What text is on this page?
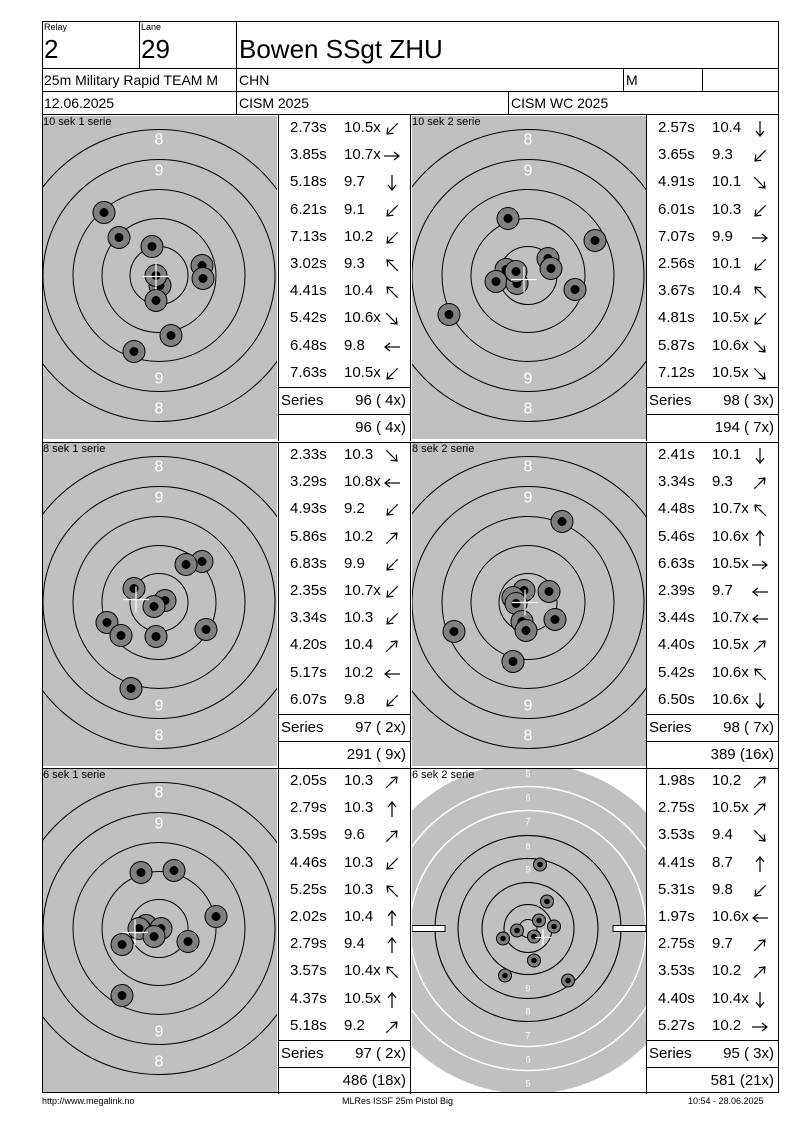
Relay
2
Lane
29	Bowen SSgt ZHU
25m Military Rapid TEAM M	CHN	M
12.06.2025	CISM 2025	CISM WC 2025
8
9
9
8
10 sek 1 serie	2.73s 10.5x
3.85s 10.7x
5.18s 9.7
6.21s 9.1
7.13s 10.2
3.02s 9.3
4.41s 10.4
5.42s 10.6x
6.48s 9.8
7.63s 10.5x
Series 96 ( 4x)
96 ( 4x)
8
9
9
8
10 sek 2 serie	2.57s 10.4
3.65s 9.3
4.91s 10.1
6.01s 10.3
7.07s 9.9
2.56s 10.1
3.67s 10.4
4.81s 10.5x
5.87s 10.6x
7.12s 10.5x
Series 98 ( 3x)
194 ( 7x)
8
9
9
8
8 sek 1 serie	2.33s 10.3
3.29s 10.8x
4.93s 9.2
5.86s 10.2
6.83s 9.9
2.35s 10.7x
3.34s 10.3
4.20s 10.4
5.17s 10.2
6.07s 9.8
Series 97 ( 2x)
291 ( 9x)
8
9
9
8
8 sek 2 serie	2.41s 10.1
3.34s 9.3
4.48s 10.7x
5.46s 10.6x
6.63s 10.5x
2.39s 9.7
3.44s 10.7x
4.40s 10.5x
5.42s 10.6x
6.50s 10.6x
Series 98 ( 7x)
389 (16x)
8
9
9
8
6 sek 1 serie	2.05s 10.3
2.79s 10.3
3.59s 9.6
4.46s 10.3
5.25s 10.3
2.02s 10.4
2.79s 9.4
3.57s 10.4x
4.37s 10.5x
5.18s 9.2
Series 97 ( 2x)
486 (18x)
5
6
7
8
9
9
8
7
6
5
6 sek 2 serie	1.98s 10.2
2.75s 10.5x
3.53s 9.4
4.41s 8.7
5.31s 9.8
1.97s 10.6x
2.75s 9.7
3.53s 10.2
4.40s 10.4x
5.27s 10.2
Series 95 ( 3x)
581 (21x)
http://www.megalink.no	MLRes ISSF 25m Pistol Big	10:54 - 28.06.2025
